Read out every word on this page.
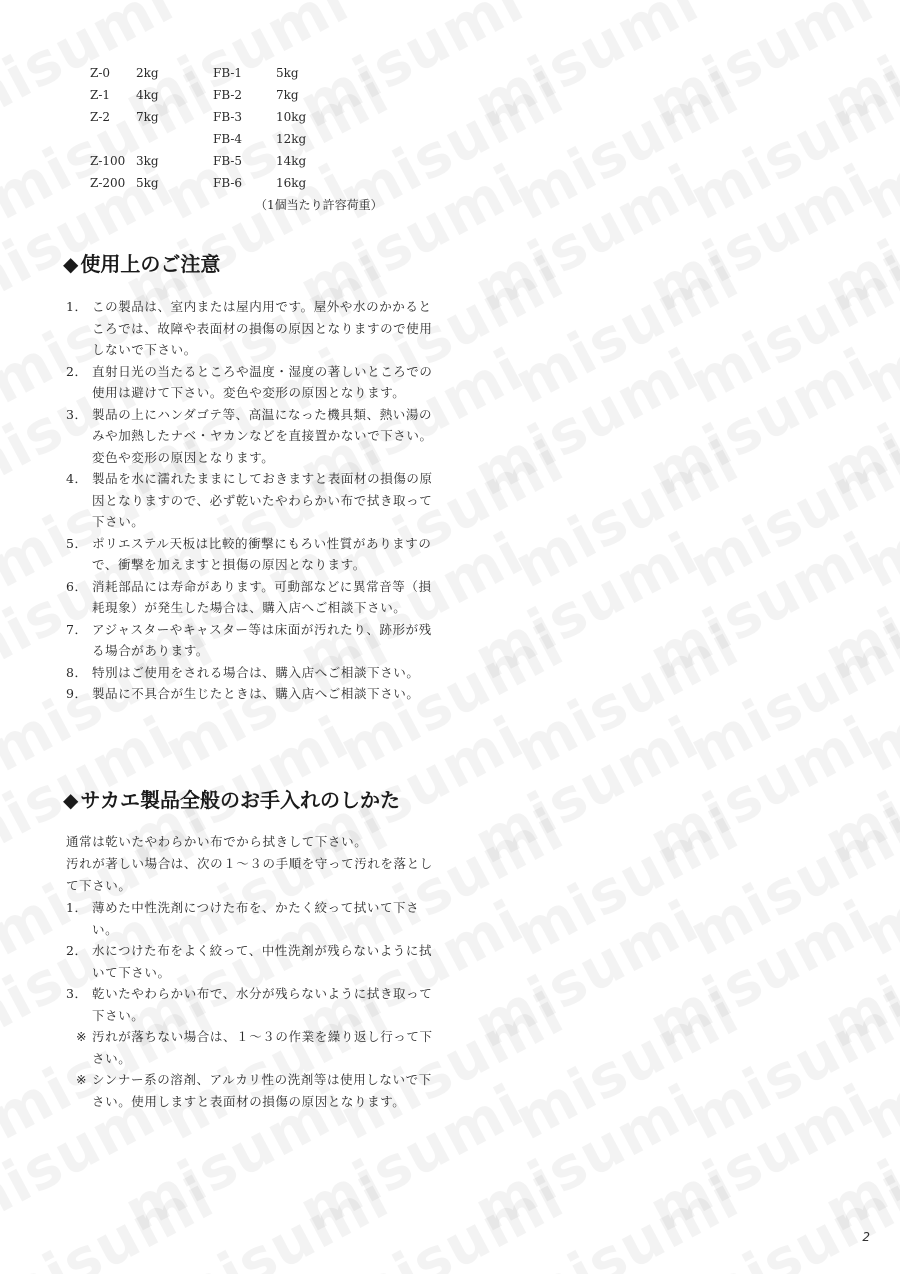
Z-0 2kg	FB-1	5kg
Z-1 4kg	FB-2	7kg
Z-2 7kg	FB-3	10kg
FB-4	12kg
Z-100 3kg	FB-5	14kg
Z-200 5kg	FB-6	16kg
（1個当たり許容荷重）
◆ 使用上のご注意
1． この製品は、室内または屋内用です。屋外や水のかかるところでは、故障や表面材の損傷の原因となりますので使用しないで下さい。
2． 直射日光の当たるところや温度・湿度の著しいところでの使用は避けて下さい。変色や変形の原因となります。
3． 製品の上にハンダゴテ等、高温になった機具類、熱い湯のみや加熱したナベ・ヤカンなどを直接置かないで下さい。変色や変形の原因となります。
4． 製品を水に濡れたままにしておきますと表面材の損傷の原因となりますので、必ず乾いたやわらかい布で拭き取って下さい。
5． ポリエステル天板は比較的衝撃にもろい性質がありますので、衝撃を加えますと損傷の原因となります。
6． 消耗部品には寿命があります。可動部などに異常音等（損耗現象）が発生した場合は、購入店へご相談下さい。
7． アジャスターやキャスター等は床面が汚れたり、跡形が残る場合があります。
8． 特別はご使用をされる場合は、購入店へご相談下さい。
9． 製品に不具合が生じたときは、購入店へご相談下さい。
◆ サカエ製品全般のお手入れのしかた

通常は乾いたやわらかい布でから拭きして下さい。

汚れが著しい場合は、次の１～３の手順を守って汚れを落として下さい。

1． 薄めた中性洗剤につけた布を、かたく絞って拭いて下さい。
2． 水につけた布をよく絞って、中性洗剤が残らないように拭いて下さい。
3． 乾いたやわらかい布で、水分が残らないように拭き取って下さい。
※ 汚れが落ちない場合は、１～３の作業を繰り返し行って下さい。
※ シンナー系の溶剤、アルカリ性の洗剤等は使用しないで下さい。使用しますと表面材の損傷の原因となります。
2
